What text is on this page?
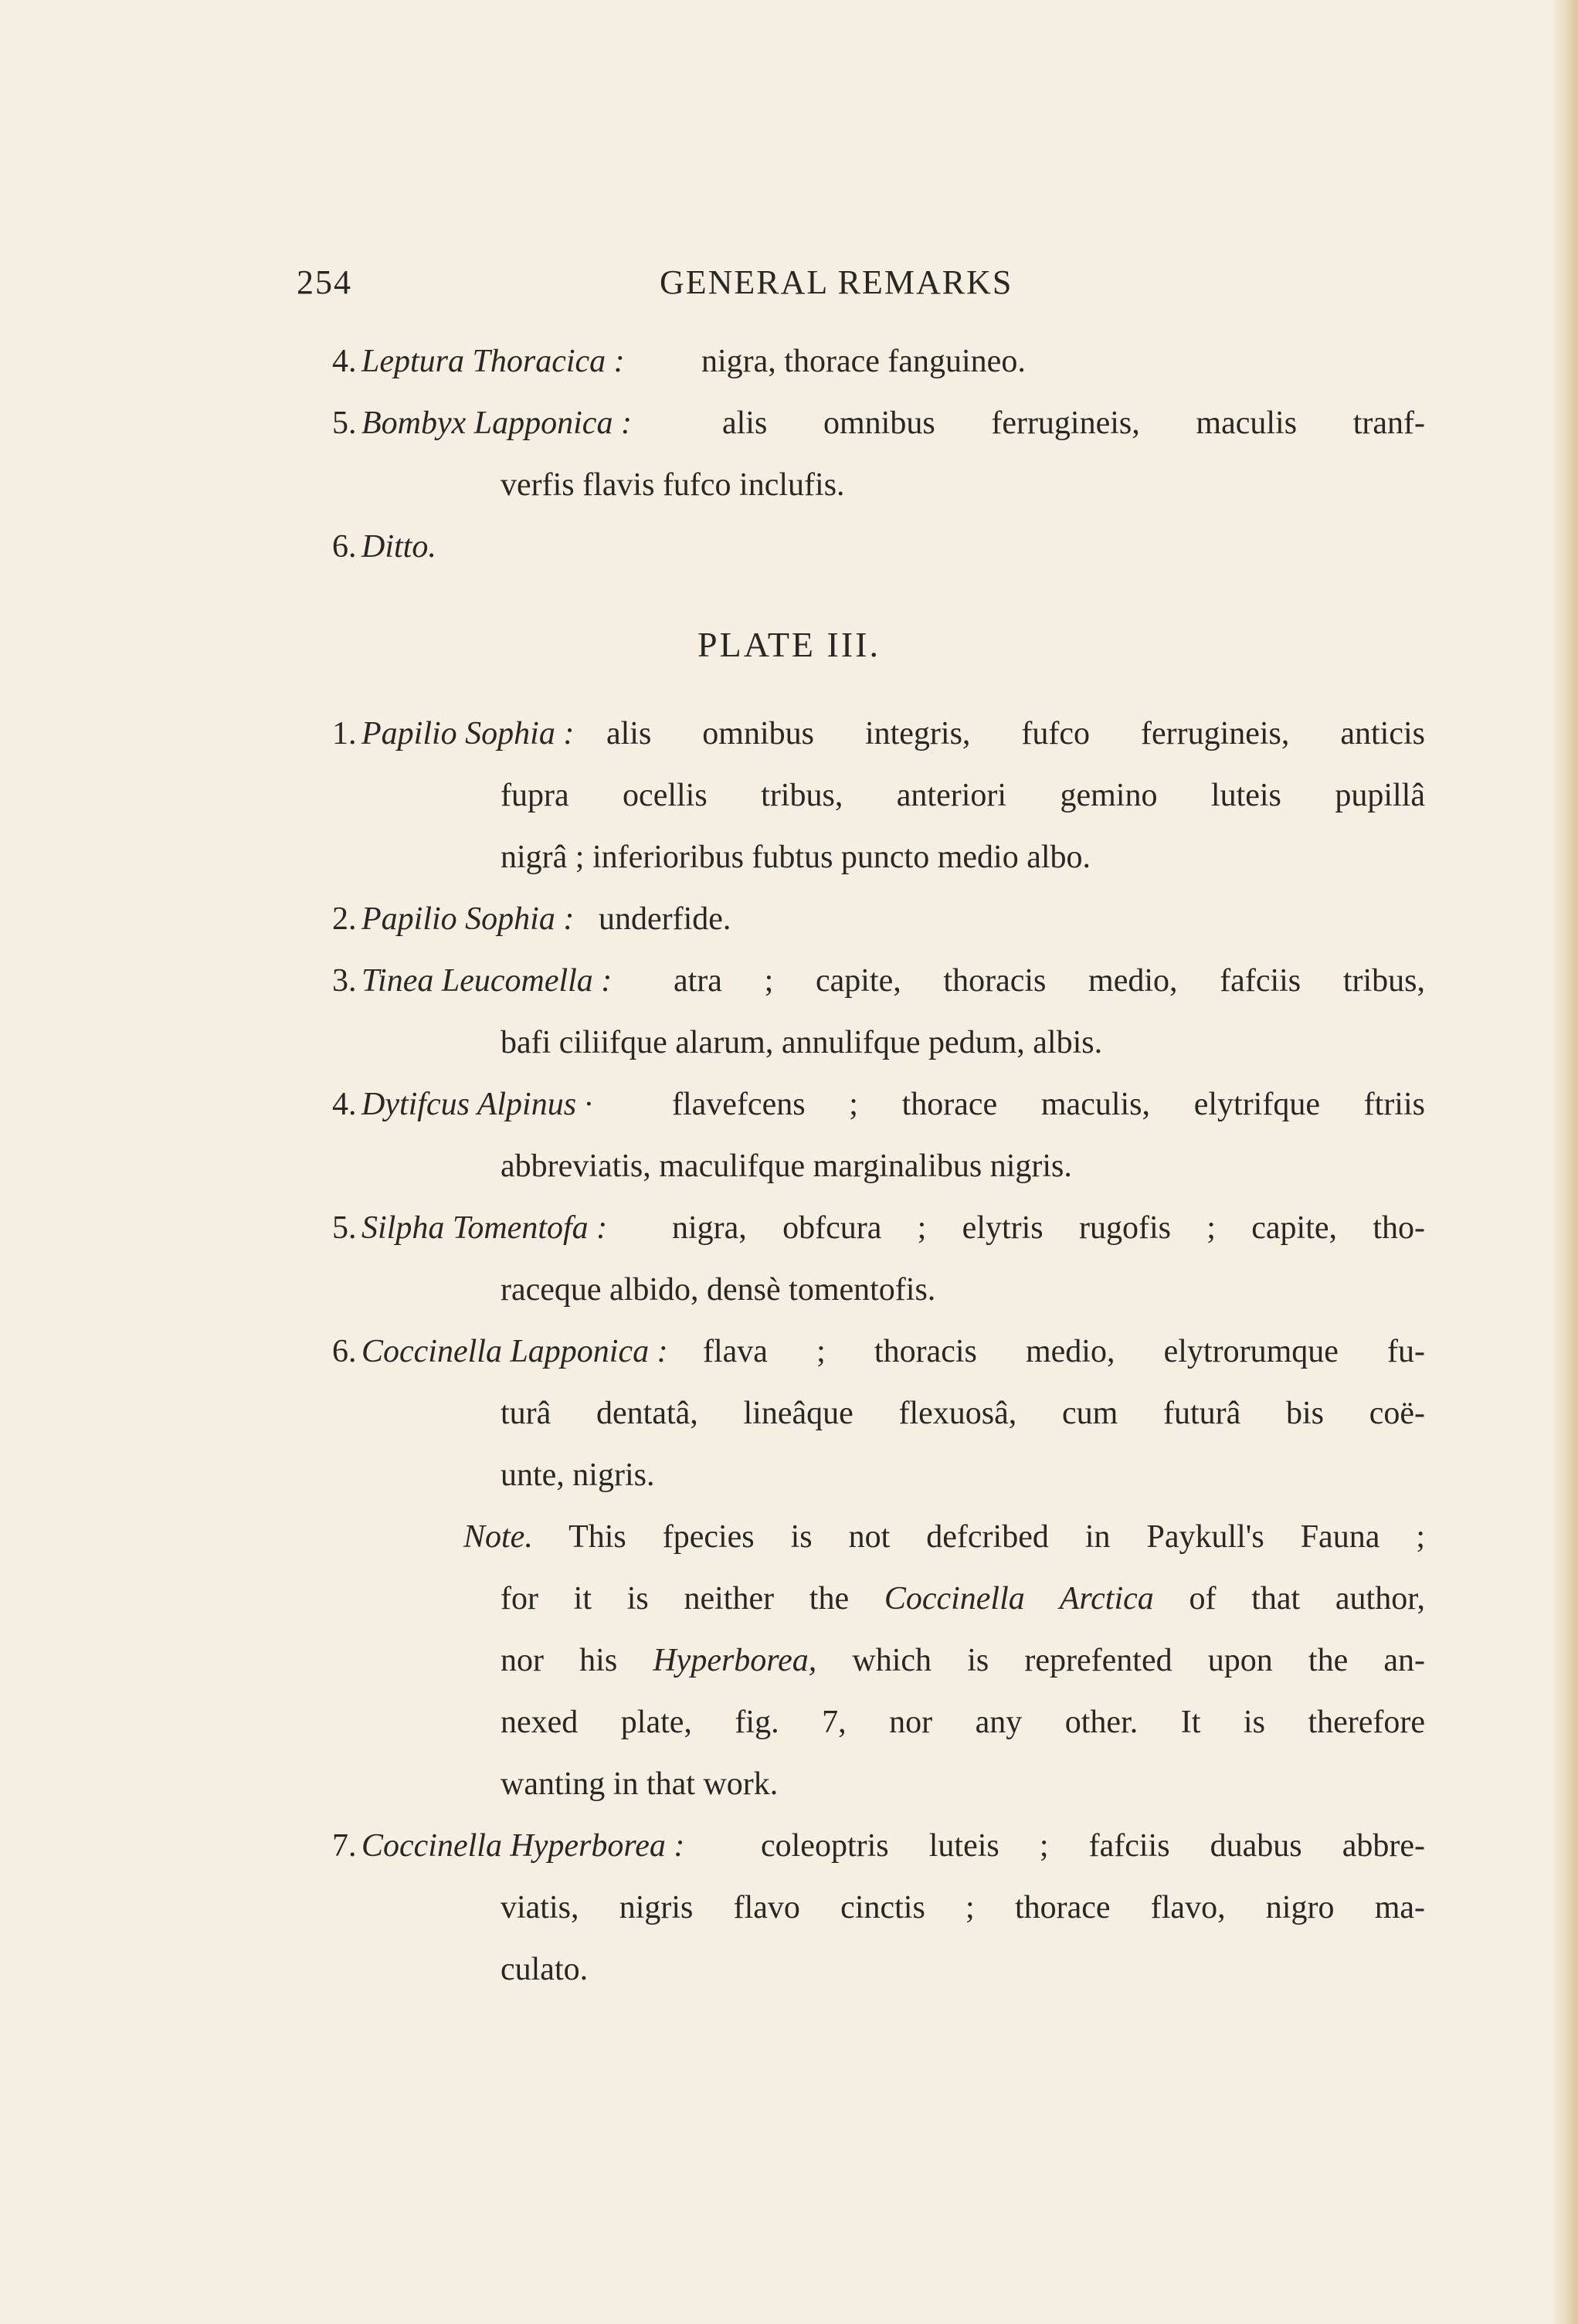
254	GENERAL REMARKS
4. Leptura Thoracica : nigra, thorace fanguineo.
5. Bombyx Lapponica :	alis omnibus ferrugineis, maculis tranf-
verfis flavis fufco inclufis.
6. Ditto.
PLATE III.
1. Papilio Sophia : alis omnibus integris, fufco ferrugineis, anticis
fupra ocellis tribus, anteriori gemino luteis pupillâ
nigrâ ; inferioribus fubtus puncto medio albo.
2. Papilio Sophia : underfide.
3. Tinea Leucomella : atra ; capite, thoracis medio, fafciis tribus,
bafi ciliifque alarum, annulifque pedum, albis.
4. Dytifcus Alpinus · flavefcens ; thorace maculis, elytrifque ftriis
abbreviatis, maculifque marginalibus nigris.
5. Silpha Tomentofa : nigra, obfcura ; elytris rugofis ; capite, tho-
raceque albido, densè tomentofis.
6. Coccinella Lapponica : flava ; thoracis medio, elytrorumque fu-
turâ dentatâ, lineâque flexuosâ, cum futurâ bis coë-
unte, nigris.
Note. This fpecies is not defcribed in Paykull's Fauna ;
for it is neither the Coccinella Arctica of that author,
nor his Hyperborea, which is reprefented upon the an-
nexed plate, fig. 7, nor any other. It is therefore
wanting in that work.
7. Coccinella Hyperborea : coleoptris luteis ; fafciis duabus abbre-
viatis, nigris flavo cinctis ; thorace flavo, nigro ma-
culato.
